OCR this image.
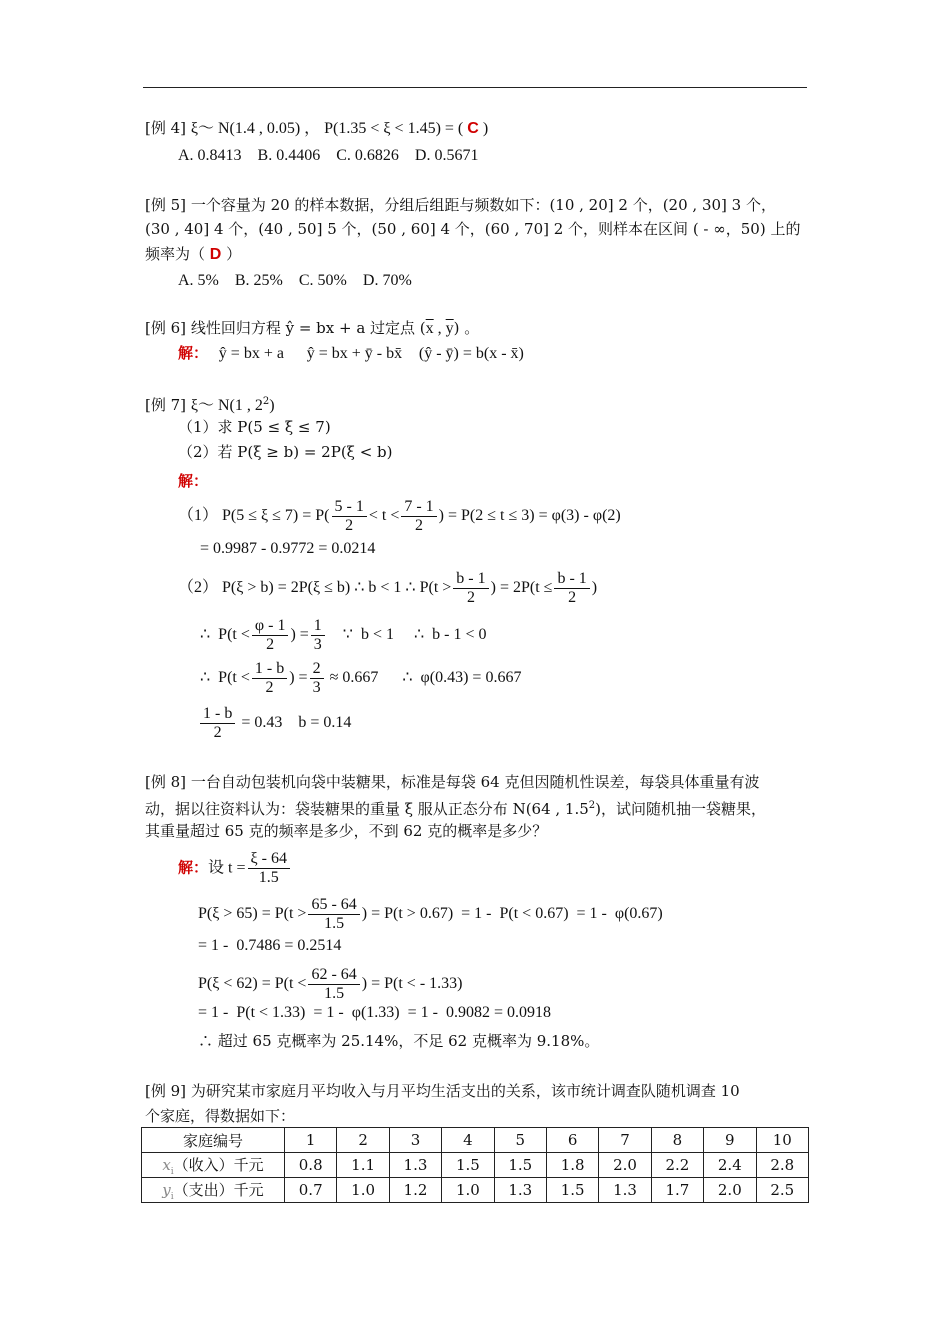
[例 4] ξ～ N(1.4 , 0.05) ， P(1.35 < ξ < 1.45) = ( C )
A. 0.8413    B. 0.4406    C. 0.6826    D. 0.5671
[例 5] 一个容量为 20 的样本数据，分组后组距与频数如下：(10 , 20] 2 个，(20 , 30] 3 个，
(30 , 40] 4 个，(40 , 50] 5 个，(50 , 60] 4 个，(60 , 70] 2 个，则样本在区间 ( - ∞，50) 上的
频率为（ D ）
A. 5%    B. 25%    C. 50%    D. 70%
[例 6] 线性回归方程 ŷ = bx + a 过定点 ($\overline{x}$ , $\overline{y}$) 。
解： ŷ = bx + a ŷ = bx + ȳ - bx̄ (ŷ - ȳ) = b(x - x̄)
[例 7] ξ～ N(1 , $2^2$)
（1）求 P(5 ≤ ξ ≤ 7)
（2）若 P(ξ ≥ b) = 2P(ξ < b)
解：
（1） $P(5 \le \xi \le 7) = P( \frac{5 - 1}{2} < t < \frac{7 - 1}{2}$ ) = P(2 ≤ t ≤ 3) = φ(3) - φ(2)
= 0.9987 - 0.9772 = 0.0214
（2） P(ξ > b) = 2P(ξ ≤ b) ∴ b < 1 ∴ $P(t > \frac{b - 1}{2}$ ) = $2P(t \le \frac{b - 1}{2}$ )
∴  $P(t < \frac{\varphi - 1}{2}$ ) = $\frac{1}{3}$ ∵  b < 1     ∴  b - 1 < 0
∴  $P(t < \frac{1 - b}{2}$ ) = $\frac{2}{3} \approx 0.667$      ∴  φ(0.43) = 0.667
$\frac{1 - b}{2} = 0.43$    b = 0.14
[例 8] 一台自动包装机向袋中装糖果，标准是每袋 64 克但因随机性误差，每袋具体重量有波
动，据以往资料认为：袋装糖果的重量 ξ 服从正态分布 N(64 , $1.5^2$)，试问随机抽一袋糖果，
其重量超过 65 克的频率是多少，不到 62 克的概率是多少？
解：设 $t = \frac{\xi - 64}{1.5}$
$P(\xi > 65) = P(t > \frac{65 - 64}{1.5}$ ) = P(t > 0.67)  = 1 -  P(t < 0.67)  = 1 -  φ(0.67)
= 1 -  0.7486 = 0.2514
$P(\xi < 62) = P(t < \frac{62 - 64}{1.5}$ ) = P(t < - 1.33)
= 1 -  P(t < 1.33)  = 1 -  φ(1.33)  = 1 -  0.9082 = 0.0918
∴ 超过 65 克概率为 25.14%，不足 62 克概率为 9.18%。
[例 9] 为研究某市家庭月平均收入与月平均生活支出的关系，该市统计调查队随机调查 10
个家庭，得数据如下：
家庭编号	1	2	3	4	5	6	7	8	9	10
$x_i$（收入）千元	0.8	1.1	1.3	1.5	1.5	1.8	2.0	2.2	2.4	2.8
$y_i$（支出）千元	0.7	1.0	1.2	1.0	1.3	1.5	1.3	1.7	2.0	2.5
